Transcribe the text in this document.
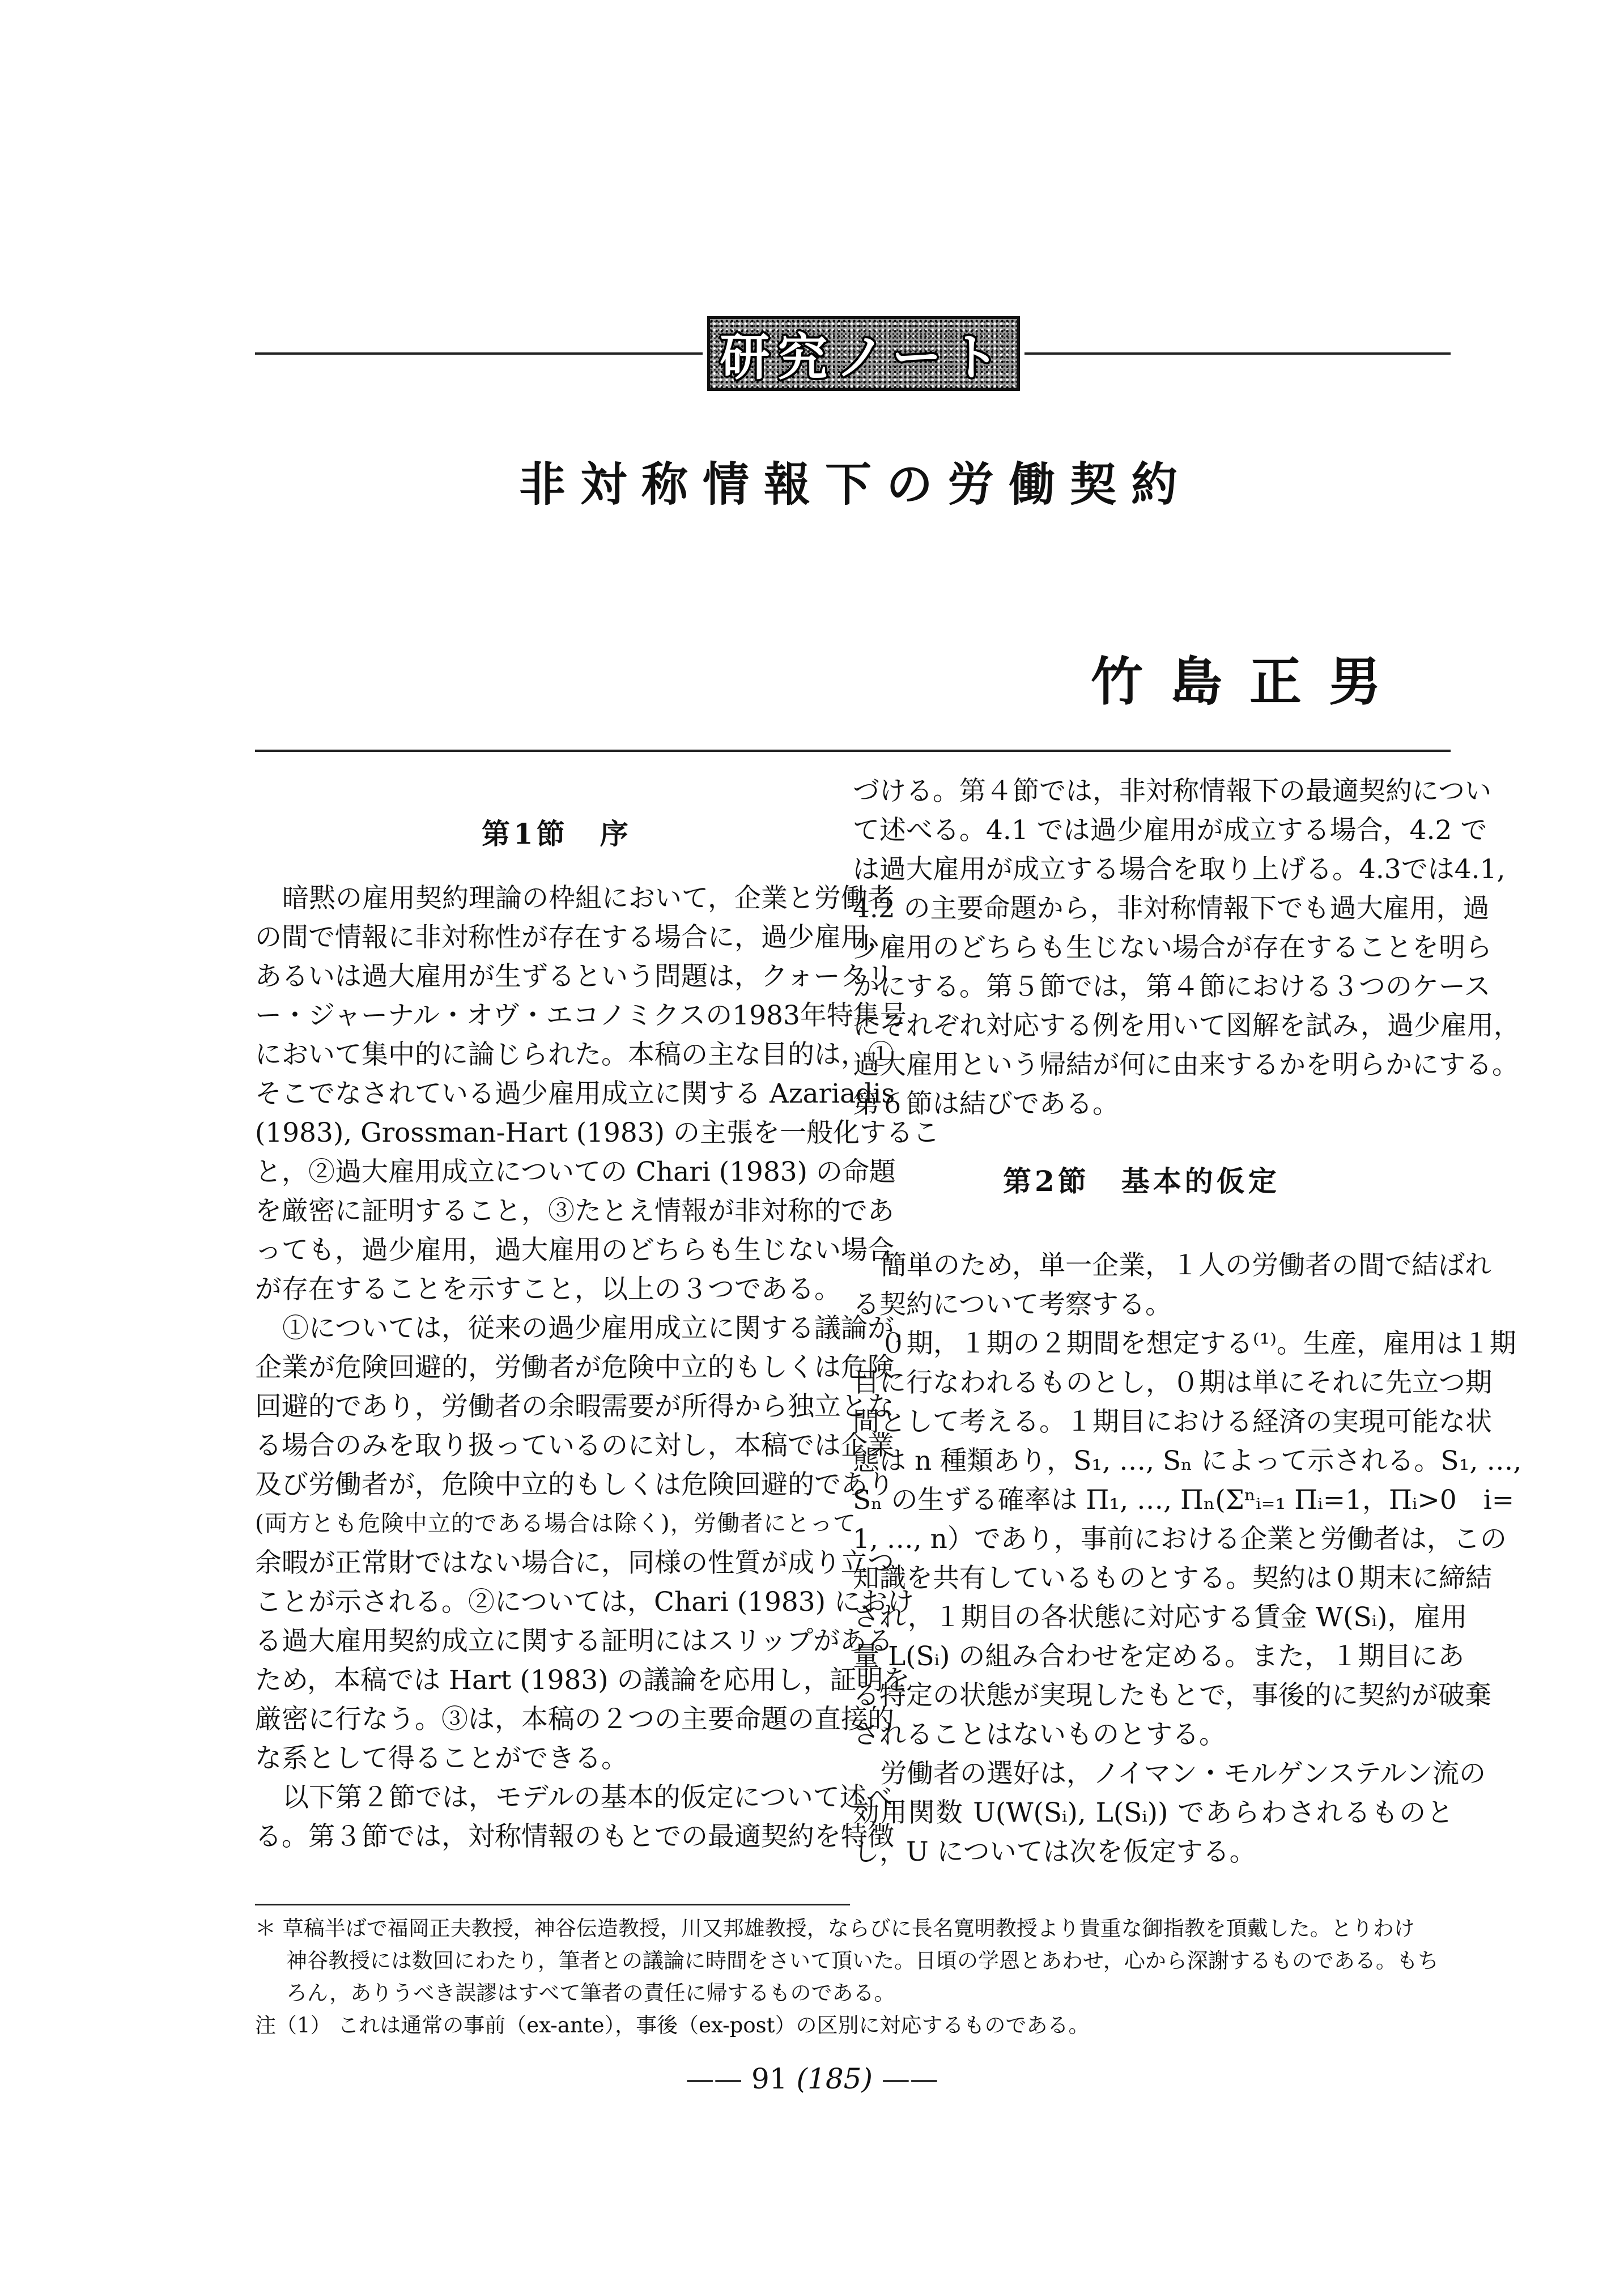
研究ノート
非対称情報下の労働契約
竹島正男
第1節　序
暗黙の雇用契約理論の枠組において，企業と労働者
の間で情報に非対称性が存在する場合に，過少雇用，
あるいは過大雇用が生ずるという問題は，クォータリ
ー・ジャーナル・オヴ・エコノミクスの1983年特集号
において集中的に論じられた。本稿の主な目的は，①
そこでなされている過少雇用成立に関する Azariadis
(1983), Grossman-Hart (1983) の主張を一般化するこ
と，②過大雇用成立についての Chari (1983) の命題
を厳密に証明すること，③たとえ情報が非対称的であ
っても，過少雇用，過大雇用のどちらも生じない場合
が存在することを示すこと，以上の３つである。
①については，従来の過少雇用成立に関する議論が，
企業が危険回避的，労働者が危険中立的もしくは危険
回避的であり，労働者の余暇需要が所得から独立とな
る場合のみを取り扱っているのに対し，本稿では企業
及び労働者が，危険中立的もしくは危険回避的であり
(両方とも危険中立的である場合は除く)，労働者にとって
余暇が正常財ではない場合に，同様の性質が成り立つ
ことが示される。②については，Chari (1983) におけ
る過大雇用契約成立に関する証明にはスリップがある
ため，本稿では Hart (1983) の議論を応用し，証明を
厳密に行なう。③は，本稿の２つの主要命題の直接的
な系として得ることができる。
以下第２節では，モデルの基本的仮定について述べ
る。第３節では，対称情報のもとでの最適契約を特徴
づける。第４節では，非対称情報下の最適契約につい
て述べる。4.1 では過少雇用が成立する場合，4.2 で
は過大雇用が成立する場合を取り上げる。4.3では4.1,
4.2 の主要命題から，非対称情報下でも過大雇用，過
少雇用のどちらも生じない場合が存在することを明ら
かにする。第５節では，第４節における３つのケース
にそれぞれ対応する例を用いて図解を試み，過少雇用，
過大雇用という帰結が何に由来するかを明らかにする。
第６節は結びである。
第2節　基本的仮定
簡単のため，単一企業，１人の労働者の間で結ばれ
る契約について考察する。
０期，１期の２期間を想定する⁽¹⁾。生産，雇用は１期
目に行なわれるものとし，０期は単にそれに先立つ期
間として考える。１期目における経済の実現可能な状
態は n 種類あり，S₁, …, Sₙ によって示される。S₁, …,
Sₙ の生ずる確率は Π₁, …, Πₙ(Σⁿᵢ₌₁ Πᵢ=1，Πᵢ>0　i=
1, …, n）であり，事前における企業と労働者は，この
知識を共有しているものとする。契約は０期末に締結
され，１期目の各状態に対応する賃金 W(Sᵢ)，雇用
量 L(Sᵢ) の組み合わせを定める。また，１期目にあ
る特定の状態が実現したもとで，事後的に契約が破棄
されることはないものとする。
労働者の選好は，ノイマン・モルゲンステルン流の
効用関数 U(W(Sᵢ), L(Sᵢ)) であらわされるものと
し，U については次を仮定する。
＊ 草稿半ばで福岡正夫教授，神谷伝造教授，川又邦雄教授，ならびに長名寛明教授より貴重な御指教を頂戴した。とりわけ
神谷教授には数回にわたり，筆者との議論に時間をさいて頂いた。日頃の学恩とあわせ，心から深謝するものである。もち
ろん，ありうべき誤謬はすべて筆者の責任に帰するものである。
注（1） これは通常の事前（ex-ante），事後（ex-post）の区別に対応するものである。
—— 91 (185) ——
